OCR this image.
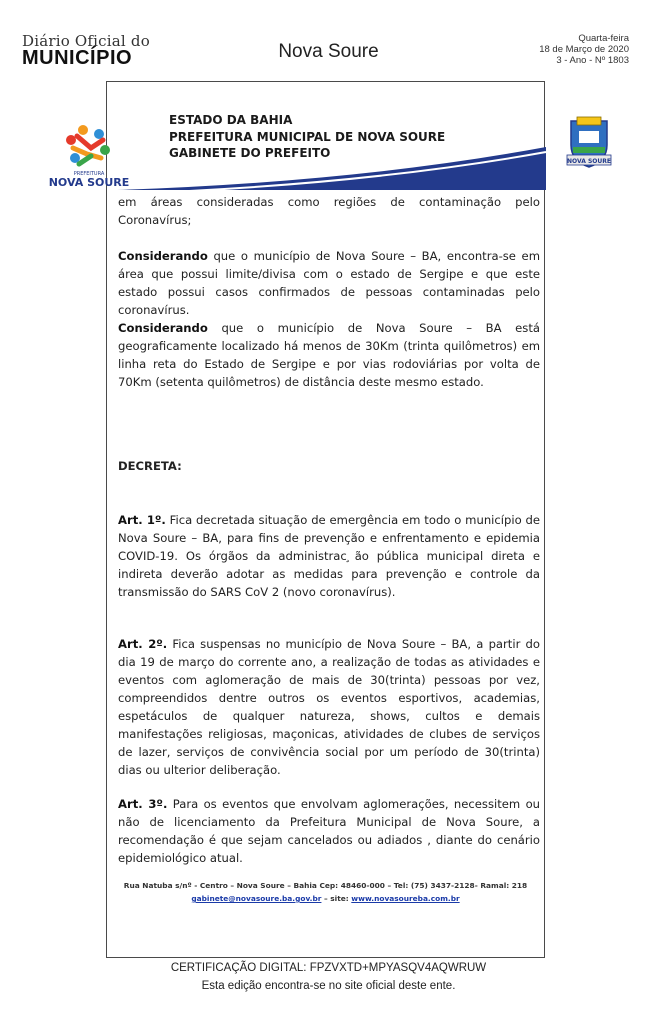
Diário Oficial do
MUNICÍPIO	Nova Soure
Quarta-feira
18 de Março de 2020
3 - Ano - Nº 1803
PREFEITURA
NOVA SOURE
ESTADO DA BAHIA
PREFEITURA MUNICIPAL DE NOVA SOURE
GABINETE DO PREFEITO
NOVA SOURE

em áreas consideradas como regiões de contaminação pelo Coronavírus;

Considerando que o município de Nova Soure – BA, encontra-se em área que possui limite/divisa com o estado de Sergipe e que este estado possui casos confirmados de pessoas contaminadas pelo coronavírus.

Considerando que o município de Nova Soure – BA está geograficamente localizado há menos de 30Km (trinta quilômetros) em linha reta do Estado de Sergipe e por vias rodoviárias por volta de 70Km (setenta quilômetros) de distância deste mesmo estado.

DECRETA:

Art. 1º. Fica decretada situação de emergência em todo o município de Nova Soure – BA, para fins de prevenção e enfrentamento e epidemia COVID-19. Os órgãos da administrac ̧ão pública municipal direta e indireta deverão adotar as medidas para prevenção e controle da transmissão do SARS CoV 2 (novo coronavírus).

Art. 2º. Fica suspensas no município de Nova Soure – BA, a partir do dia 19 de março do corrente ano, a realização de todas as atividades e eventos com aglomeração de mais de 30(trinta) pessoas por vez, compreendidos dentre outros os eventos esportivos, academias, espetáculos de qualquer natureza, shows, cultos e demais manifestações religiosas, maçonicas, atividades de clubes de serviços de lazer, serviços de convivência social por um período de 30(trinta) dias ou ulterior deliberação.

Art. 3º. Para os eventos que envolvam aglomerações, necessitem ou não de licenciamento da Prefeitura Municipal de Nova Soure, a recomendação é que sejam cancelados ou adiados , diante do cenário epidemiológico atual.

Rua Natuba s/nº - Centro – Nova Soure – Bahia Cep: 48460-000 – Tel: (75) 3437-2128- Ramal: 218
gabinete@novasoure.ba.gov.br – site: www.novasoureba.com.br
CERTIFICAÇÃO DIGITAL: FPZVXTD+MPYASQV4AQWRUW
Esta edição encontra-se no site oficial deste ente.
